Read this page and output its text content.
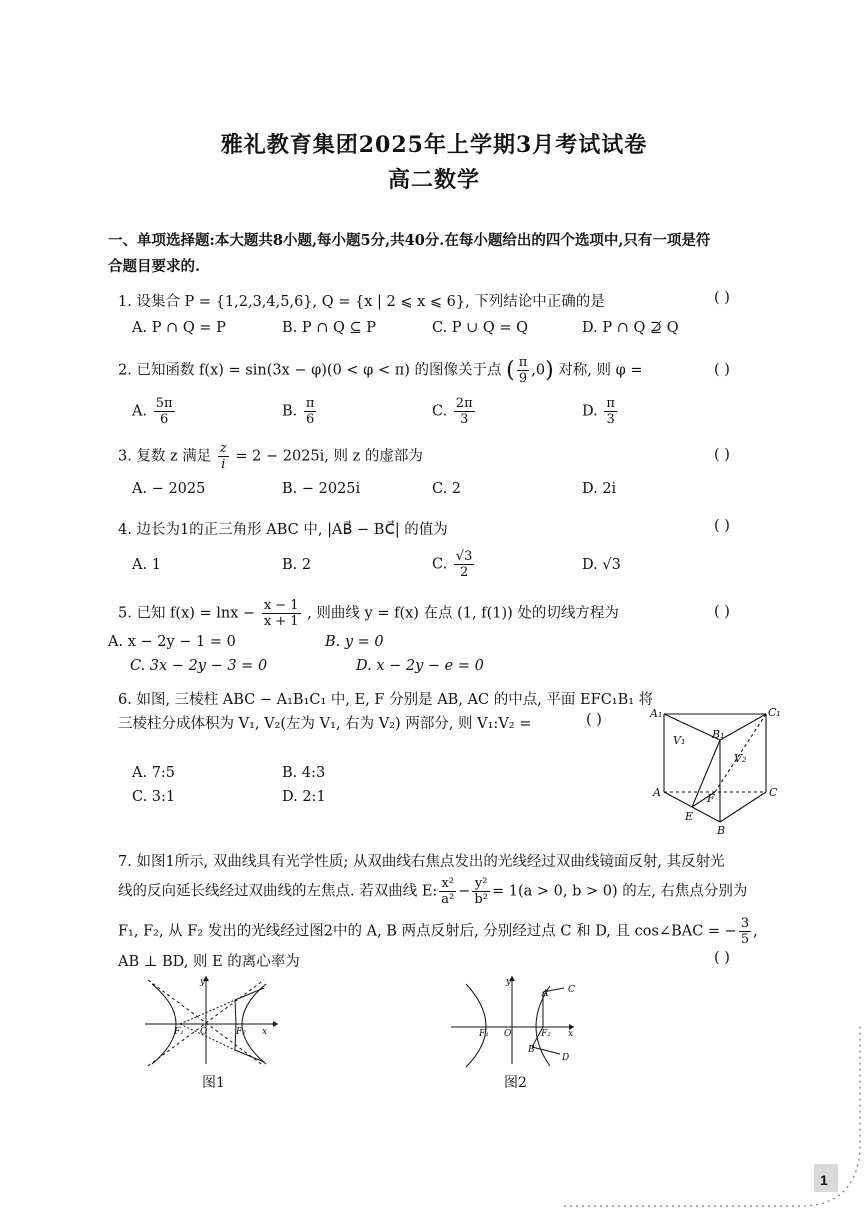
雅礼教育集团2025年上学期3月考试试卷
高二数学
一、单项选择题:本大题共8小题,每小题5分,共40分.在每小题给出的四个选项中,只有一项是符
合题目要求的.
1. 设集合 P = {1,2,3,4,5,6}, Q = {x | 2 ⩽ x ⩽ 6}, 下列结论中正确的是	( )
A. P ∩ Q = P	B. P ∩ Q ⊆ P	C. P ∪ Q = Q	D. P ∩ Q ⊉ Q
2. 已知函数 f(x) = sin(3x − φ)(0 < φ < π) 的图像关于点 ( $\frac{\pi}{9} ,0$) 对称, 则 φ =	( )
A. $\frac{5\pi}{6}$	B. $\frac{\pi}{6}$	C. $\frac{2\pi}{3}$	D. $\frac{\pi}{3}$
3. 复数 z 满足 $\frac{z}{i} = 2 - 2025i$, 则 z 的虚部为	( )
A. − 2025	B. − 2025i	C. 2	D. 2i
4. 边长为1的正三角形 ABC 中, |AB⃗ − BC⃗| 的值为	( )
A. 1	B. 2	C. $\frac{√3}{2}$	D. √3
5. 已知 $f(x) = \ln x - \frac{x - 1}{x + 1}$ , 则曲线 y = f(x) 在点 (1, f(1)) 处的切线方程为	( )
A. x − 2y − 1 = 0	B. y = 0
C. 3x − 2y − 3 = 0	D. x − 2y − e = 0
6. 如图, 三棱柱 ABC − A₁B₁C₁ 中, E, F 分别是 AB, AC 的中点, 平面 EFC₁B₁ 将
三棱柱分成体积为 V₁, V₂(左为 V₁, 右为 V₂) 两部分, 则 V₁:V₂ =	( )
A. 7:5	B. 4:3
C. 3:1	D. 2:1
A₁	C₁
B₁
V₁
V₂
A	C
F
E
B
7. 如图1所示, 双曲线具有光学性质; 从双曲线右焦点发出的光线经过双曲线镜面反射, 其反射光
线的反向延长线经过双曲线的左焦点. 若双曲线 E: $\frac{\text{x²}}{\text{a²}} - \frac{\text{y²}}{\text{b²}} = 1(a > 0$, b > 0) 的左, 右焦点分别为
F₁, F₂, 从 F₂ 发出的光线经过图2中的 A, B 两点反射后, 分别经过点 C 和 D, 且 cos∠BAC = − $\frac{3}{5}$ ,
AB ⊥ BD, 则 E 的离心率为	( )
y
x
O
F₁	F₂
图1
y
x
O
F₁	F₂
A C
B
D
图2
1
